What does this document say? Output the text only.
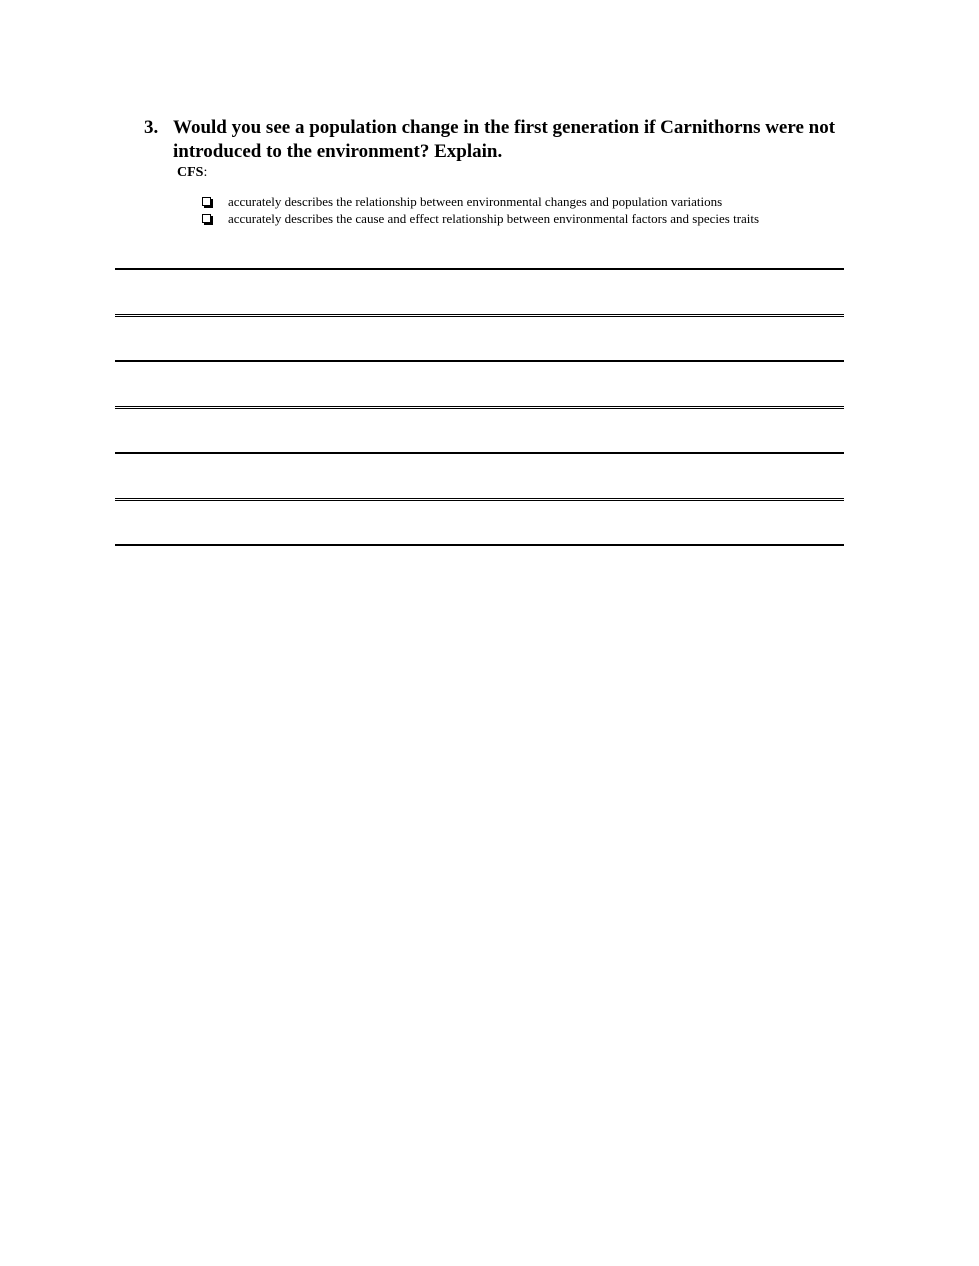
3. Would you see a population change in the first generation if Carnithorns were not introduced to the environment? Explain.
CFS:
accurately describes the relationship between environmental changes and population variations
accurately describes the cause and effect relationship between environmental factors and species traits
